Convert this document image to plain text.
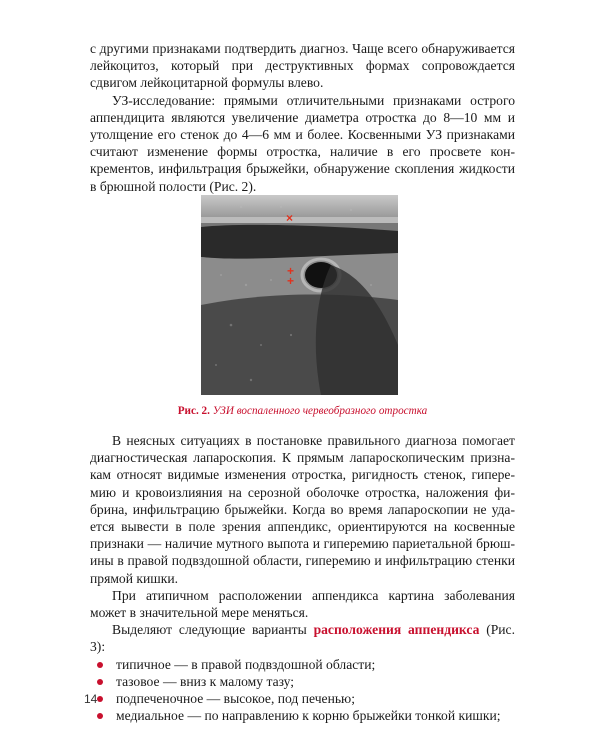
с другими признаками подтвердить диагноз. Чаще всего обнаруживается лейкоцитоз, который при деструктивных формах сопровождается сдвигом лейкоцитарной формулы влево.

УЗ-исследование: прямыми отличительными признаками острого аппендицита являются увеличение диаметра отростка до 8—10 мм и утолщение его стенок до 4—6 мм и более. Косвенными УЗ признаками считают изменение формы отростка, наличие в его просвете конкрементов, инфильтрация брыжейки, обнаружение скопления жидкости в брюшной полости (Рис. 2).

×
+
+
Рис. 2. УЗИ воспаленного червеобразного отростка

В неясных ситуациях в постановке правильного диагноза помогает диагностическая лапароскопия. К прямым лапароскопическим признакам относят видимые изменения отростка, ригидность стенок, гиперемию и кровоизлияния на серозной оболочке отростка, наложения фибрина, инфильтрацию брыжейки. Когда во время лапароскопии не удается вывести в поле зрения аппендикс, ориентируются на косвенные признаки — наличие мутного выпота и гиперемию париетальной брюшины в правой подвздошной области, гиперемию и инфильтрацию стенки прямой кишки.

При атипичном расположении аппендикса картина заболевания может в значительной мере меняться.

Выделяют следующие варианты расположения аппендикса (Рис. 3):

типичное — в правой подвздошной области;
тазовое — вниз к малому тазу;
подпеченочное — высокое, под печенью;
медиальное — по направлению к корню брыжейки тонкой кишки;
14
